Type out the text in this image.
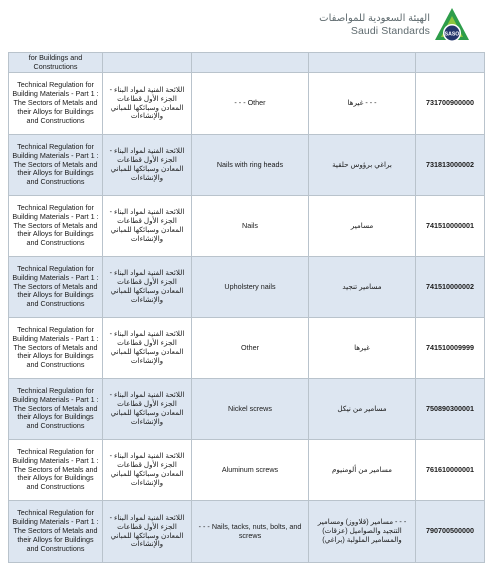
الهيئة السعودية للمواصفات
Saudi Standards	SASO
for Buildings and Constructions				
Technical Regulation for Building Materials - Part 1 : The Sectors of Metals and their Alloys for Buildings and Constructions	اللائحة الفنية لمواد البناء - الجزء الأول قطاعات المعادن وسبائكها للمباني والإنشاءات	- - - Other	- - - غيرها	731700900000
Technical Regulation for Building Materials - Part 1 : The Sectors of Metals and their Alloys for Buildings and Constructions	اللائحة الفنية لمواد البناء - الجزء الأول قطاعات المعادن وسبائكها للمباني والإنشاءات	Nails with ring heads	براغي برؤوس حلقية	731813000002
Technical Regulation for Building Materials - Part 1 : The Sectors of Metals and their Alloys for Buildings and Constructions	اللائحة الفنية لمواد البناء - الجزء الأول قطاعات المعادن وسبائكها للمباني والإنشاءات	Nails	مسامير	741510000001
Technical Regulation for Building Materials - Part 1 : The Sectors of Metals and their Alloys for Buildings and Constructions	اللائحة الفنية لمواد البناء - الجزء الأول قطاعات المعادن وسبائكها للمباني والإنشاءات	Upholstery nails	مسامير تنجيد	741510000002
Technical Regulation for Building Materials - Part 1 : The Sectors of Metals and their Alloys for Buildings and Constructions	اللائحة الفنية لمواد البناء - الجزء الأول قطاعات المعادن وسبائكها للمباني والإنشاءات	Other	غيرها	741510009999
Technical Regulation for Building Materials - Part 1 : The Sectors of Metals and their Alloys for Buildings and Constructions	اللائحة الفنية لمواد البناء - الجزء الأول قطاعات المعادن وسبائكها للمباني والإنشاءات	Nickel screws	مسامير من نيكل	750890300001
Technical Regulation for Building Materials - Part 1 : The Sectors of Metals and their Alloys for Buildings and Constructions	اللائحة الفنية لمواد البناء - الجزء الأول قطاعات المعادن وسبائكها للمباني والإنشاءات	Aluminum screws	مسامير من ألومنيوم	761610000001
Technical Regulation for Building Materials - Part 1 : The Sectors of Metals and their Alloys for Buildings and Constructions	اللائحة الفنية لمواد البناء - الجزء الأول قطاعات المعادن وسبائكها للمباني والإنشاءات	- - - Nails, tacks, nuts, bolts, and screws	- - - مسامير (قلاووز) ومسامير التنجيد والصواميل (عزقات) والمسامير الملولبة (براغي)	790700500000
